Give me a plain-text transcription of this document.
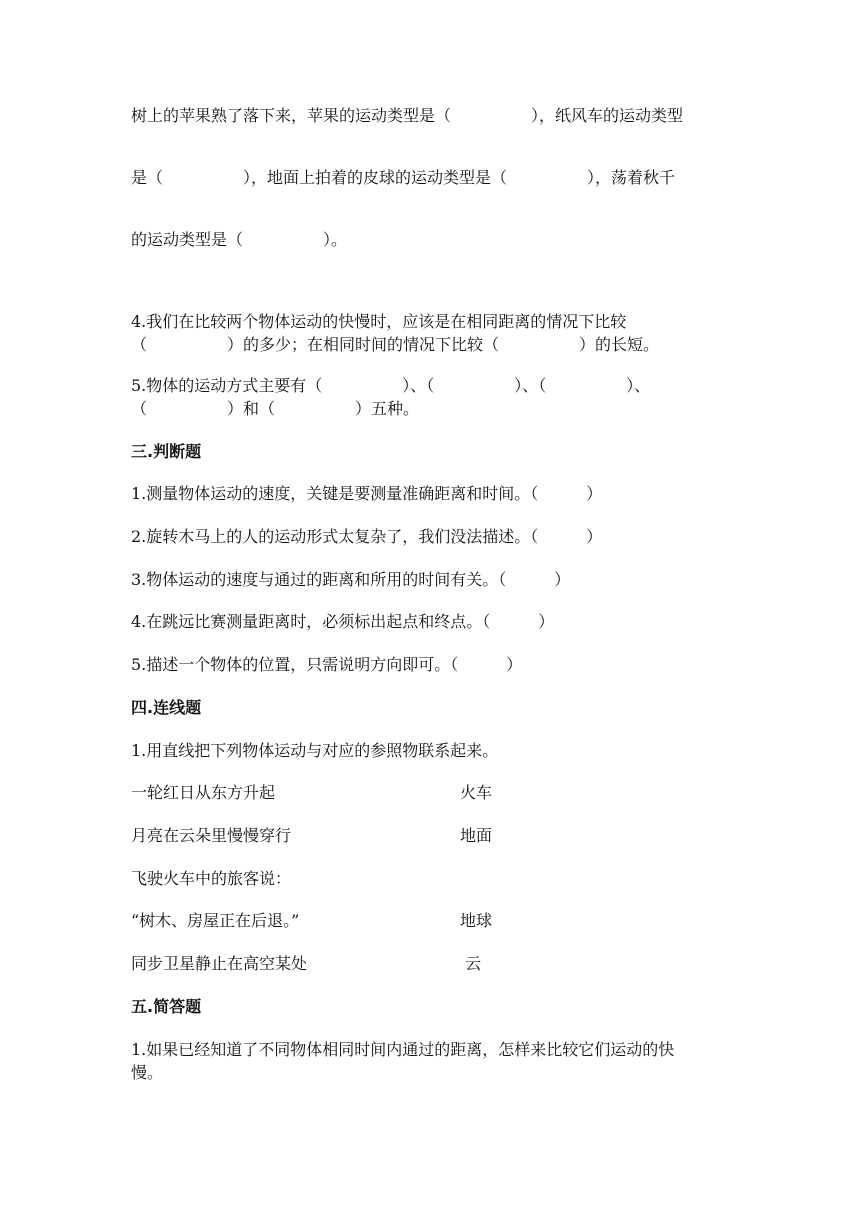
树上的苹果熟了落下来，苹果的运动类型是（　　　　　），纸风车的运动类型
是（　　　　　），地面上拍着的皮球的运动类型是（　　　　　），荡着秋千
的运动类型是（　　　　　）。
4.我们在比较两个物体运动的快慢时，应该是在相同距离的情况下比较
（　　　　　）的多少；在相同时间的情况下比较（　　　　　）的长短。
5.物体的运动方式主要有（　　　　　）、（　　　　　）、（　　　　　）、
（　　　　　）和（　　　　　）五种。
三.判断题
1.测量物体运动的速度，关键是要测量准确距离和时间。（　　　）
2.旋转木马上的人的运动形式太复杂了，我们没法描述。（　　　）
3.物体运动的速度与通过的距离和所用的时间有关。（　　　）
4.在跳远比赛测量距离时，必须标出起点和终点。（　　　）
5.描述一个物体的位置，只需说明方向即可。（　　　）
四.连线题
1.用直线把下列物体运动与对应的参照物联系起来。
一轮红日从东方升起	火车
月亮在云朵里慢慢穿行	地面
飞驶火车中的旅客说：
“树木、房屋正在后退。”	地球
同步卫星静止在高空某处	云
五.简答题
1.如果已经知道了不同物体相同时间内通过的距离，怎样来比较它们运动的快
慢。
